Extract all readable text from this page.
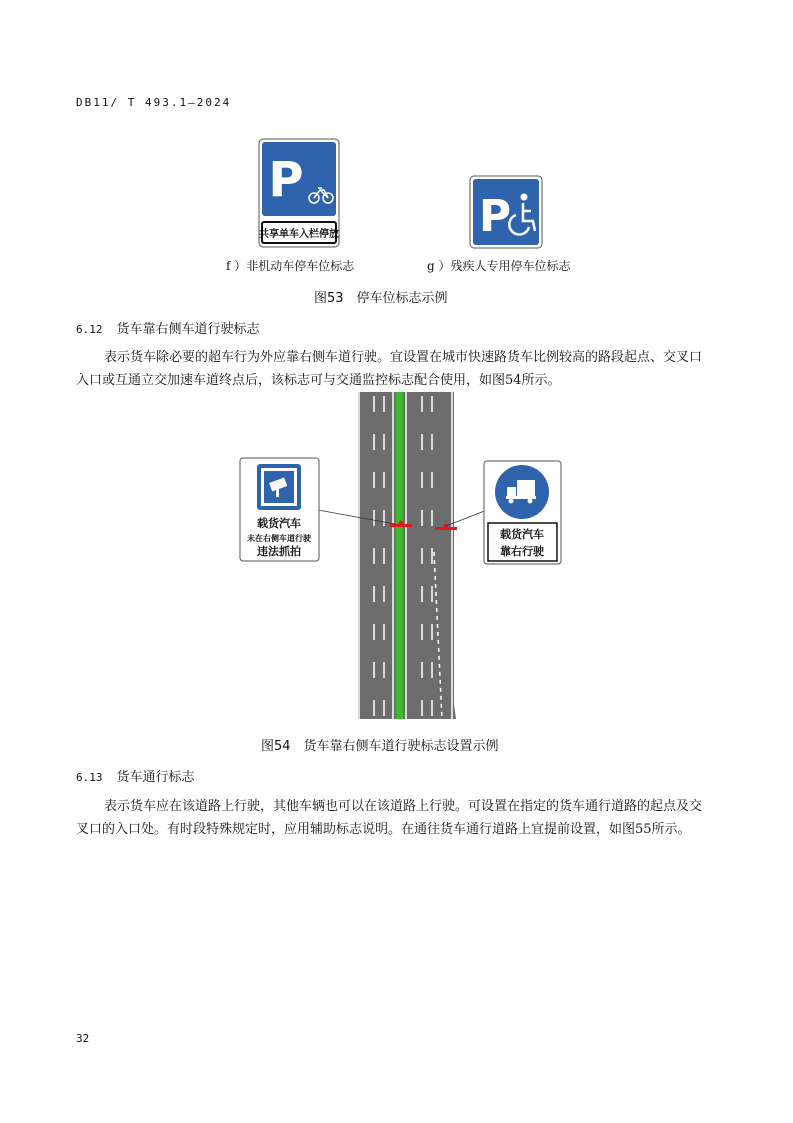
DB11/ T 493.1—2024
P
共享单车入栏停放	P
f ）非机动车停车位标志	g ）残疾人专用停车位标志
图53　停车位标志示例
6.12 货车靠右侧车道行驶标志
表示货车除必要的超车行为外应靠右侧车道行驶。宜设置在城市快速路货车比例较高的路段起点、交叉口入口或互通立交加速车道终点后，该标志可与交通监控标志配合使用，如图54所示。
载货汽车
未在右侧车道行驶
违法抓拍
载货汽车
靠右行驶
图54　货车靠右侧车道行驶标志设置示例
6.13 货车通行标志
表示货车应在该道路上行驶，其他车辆也可以在该道路上行驶。可设置在指定的货车通行道路的起点及交叉口的入口处。有时段特殊规定时，应用辅助标志说明。在通往货车通行道路上宜提前设置，如图55所示。
32
